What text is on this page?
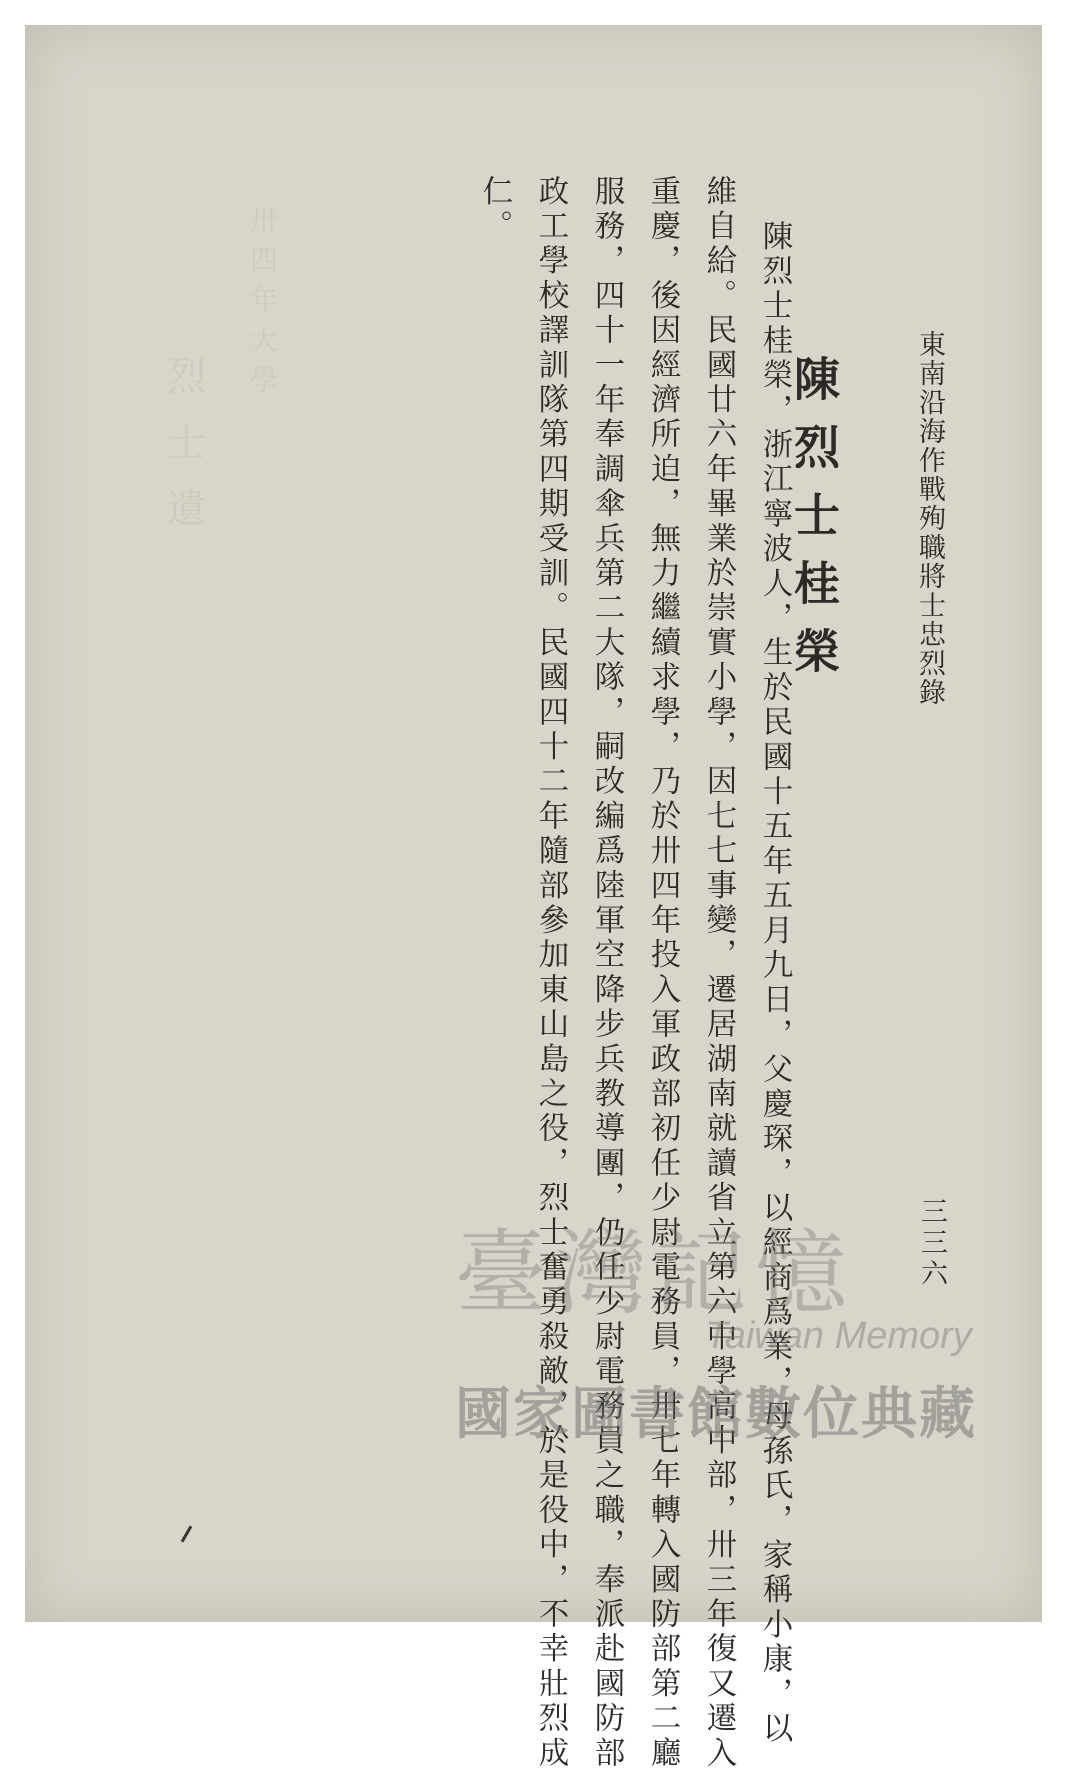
烈士遺
卅四年大學
東南沿海作戰殉職將士忠烈錄
三三六
陳烈士桂榮
陳烈士桂榮，浙江寧波人，生於民國十五年五月九日，父慶琛，以經商爲業，母孫氏，家稱小康，以
維自給。民國廿六年畢業於崇實小學，因七七事變，遷居湖南就讀省立第六中學高中部，卅三年復又遷入
重慶，後因經濟所迫，無力繼續求學，乃於卅四年投入軍政部初任少尉電務員，卅七年轉入國防部第二廳
服務，四十一年奉調傘兵第二大隊，嗣改編爲陸軍空降步兵教導團，仍任少尉電務員之職，奉派赴國防部
政工學校譯訓隊第四期受訓。民國四十二年隨部參加東山島之役，烈士奮勇殺敵，於是役中，不幸壯烈成
仁。
臺灣記憶
Taiwan Memory
國家圖書館數位典藏
